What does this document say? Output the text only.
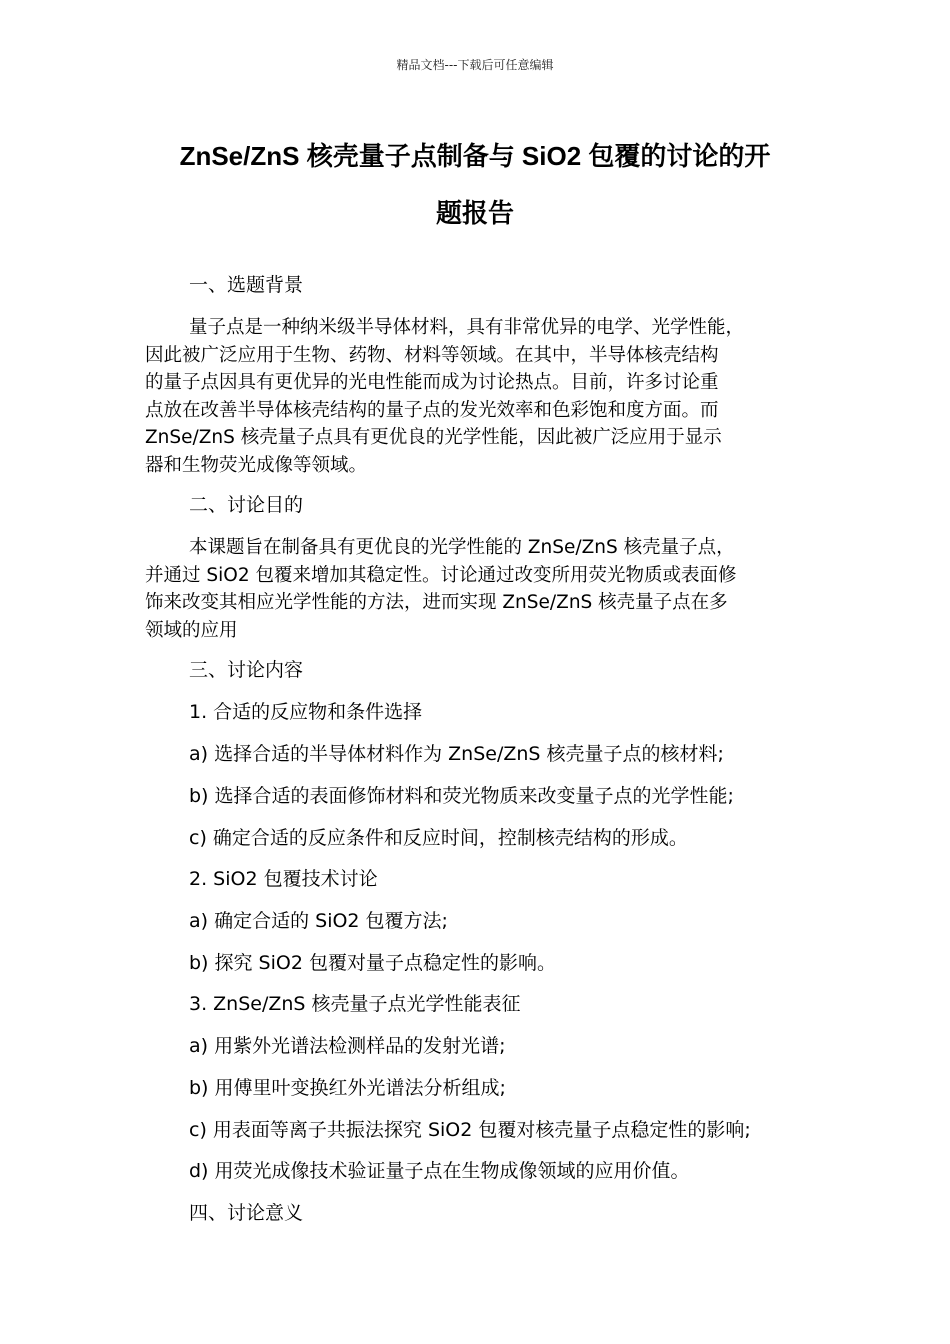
精品文档---下载后可任意编辑
ZnSe/ZnS 核壳量子点制备与 SiO2 包覆的讨论的开
题报告

一、选题背景

量子点是一种纳米级半导体材料，具有非常优异的电学、光学性能，
因此被广泛应用于生物、药物、材料等领域。在其中，半导体核壳结构
的量子点因具有更优异的光电性能而成为讨论热点。目前，许多讨论重
点放在改善半导体核壳结构的量子点的发光效率和色彩饱和度方面。而
ZnSe/ZnS 核壳量子点具有更优良的光学性能，因此被广泛应用于显示
器和生物荧光成像等领域。

二、讨论目的

本课题旨在制备具有更优良的光学性能的 ZnSe/ZnS 核壳量子点，
并通过 SiO2 包覆来增加其稳定性。讨论通过改变所用荧光物质或表面修
饰来改变其相应光学性能的方法，进而实现 ZnSe/ZnS 核壳量子点在多
领域的应用

三、讨论内容

1. 合适的反应物和条件选择

a) 选择合适的半导体材料作为 ZnSe/ZnS 核壳量子点的核材料;

b) 选择合适的表面修饰材料和荧光物质来改变量子点的光学性能;

c) 确定合适的反应条件和反应时间，控制核壳结构的形成。

2. SiO2 包覆技术讨论

a) 确定合适的 SiO2 包覆方法;

b) 探究 SiO2 包覆对量子点稳定性的影响。

3. ZnSe/ZnS 核壳量子点光学性能表征

a) 用紫外光谱法检测样品的发射光谱;

b) 用傅里叶变换红外光谱法分析组成;

c) 用表面等离子共振法探究 SiO2 包覆对核壳量子点稳定性的影响;

d) 用荧光成像技术验证量子点在生物成像领域的应用价值。

四、讨论意义
